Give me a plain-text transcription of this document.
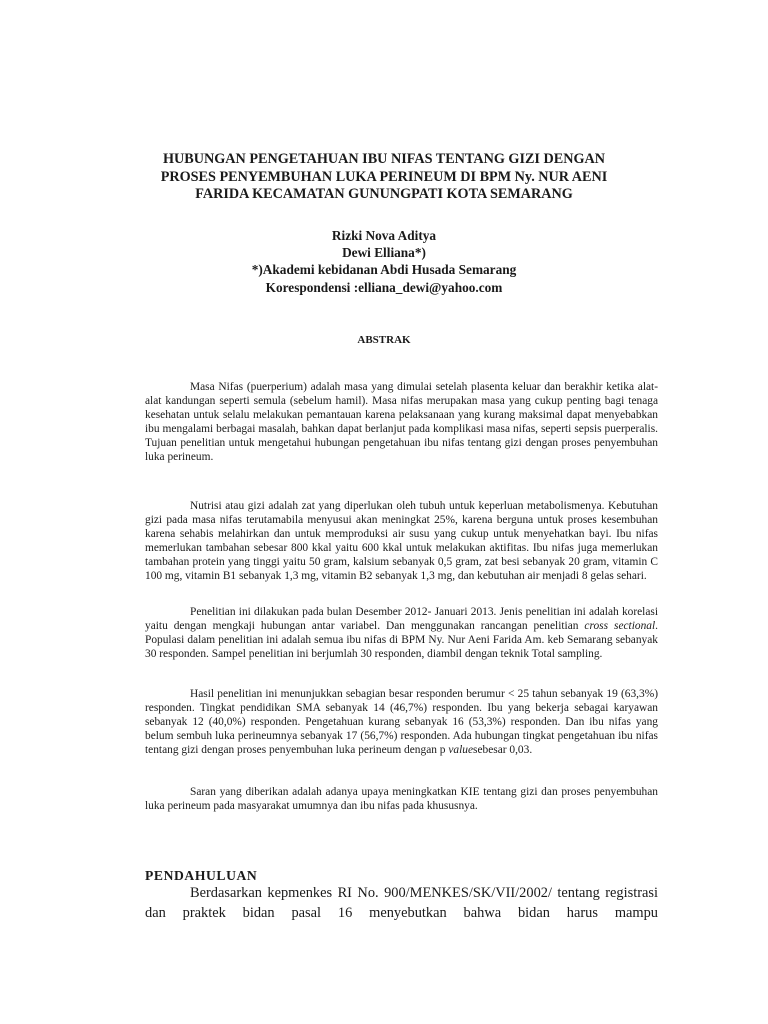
HUBUNGAN PENGETAHUAN IBU NIFAS TENTANG GIZI DENGAN
PROSES PENYEMBUHAN LUKA PERINEUM DI BPM Ny. NUR AENI
FARIDA KECAMATAN GUNUNGPATI KOTA SEMARANG
Rizki Nova Aditya
Dewi Elliana*)
*)Akademi kebidanan Abdi Husada Semarang
Korespondensi :elliana_dewi@yahoo.com
ABSTRAK

Masa Nifas (puerperium) adalah masa yang dimulai setelah plasenta keluar dan berakhir ketika alat-alat kandungan seperti semula (sebelum hamil). Masa nifas merupakan masa yang cukup penting bagi tenaga kesehatan untuk selalu melakukan pemantauan karena pelaksanaan yang kurang maksimal dapat menyebabkan ibu mengalami berbagai masalah, bahkan dapat berlanjut pada komplikasi masa nifas, seperti sepsis puerperalis. Tujuan penelitian untuk mengetahui hubungan pengetahuan ibu nifas tentang gizi dengan proses penyembuhan luka perineum.

Nutrisi atau gizi adalah zat yang diperlukan oleh tubuh untuk keperluan metabolismenya. Kebutuhan gizi pada masa nifas terutamabila menyusui akan meningkat 25%, karena berguna untuk proses kesembuhan karena sehabis melahirkan dan untuk memproduksi air susu yang cukup untuk menyehatkan bayi. Ibu nifas memerlukan tambahan sebesar 800 kkal yaitu 600 kkal untuk melakukan aktifitas. Ibu nifas juga memerlukan tambahan protein yang tinggi yaitu 50 gram, kalsium sebanyak 0,5 gram, zat besi sebanyak 20 gram, vitamin C 100 mg, vitamin B1 sebanyak 1,3 mg, vitamin B2 sebanyak 1,3 mg, dan kebutuhan air menjadi 8 gelas sehari.

Penelitian ini dilakukan pada bulan Desember 2012- Januari 2013. Jenis penelitian ini adalah korelasi yaitu dengan mengkaji hubungan antar variabel. Dan menggunakan rancangan penelitian cross sectional. Populasi dalam penelitian ini adalah semua ibu nifas di BPM Ny. Nur Aeni Farida Am. keb Semarang sebanyak 30 responden. Sampel penelitian ini berjumlah 30 responden, diambil dengan teknik Total sampling.

Hasil penelitian ini menunjukkan sebagian besar responden berumur < 25 tahun sebanyak 19 (63,3%) responden. Tingkat pendidikan SMA sebanyak 14 (46,7%) responden. Ibu yang bekerja sebagai karyawan sebanyak 12 (40,0%) responden. Pengetahuan kurang sebanyak 16 (53,3%) responden. Dan ibu nifas yang belum sembuh luka perineumnya sebanyak 17 (56,7%) responden. Ada hubungan tingkat pengetahuan ibu nifas tentang gizi dengan proses penyembuhan luka perineum dengan p valuesebesar 0,03.

Saran yang diberikan adalah adanya upaya meningkatkan KIE tentang gizi dan proses penyembuhan luka perineum pada masyarakat umumnya dan ibu nifas pada khususnya.

PENDAHULUAN

Berdasarkan kepmenkes RI No. 900/MENKES/SK/VII/2002/ tentang registrasi dan praktek bidan pasal 16 menyebutkan bahwa bidan harus mampu
